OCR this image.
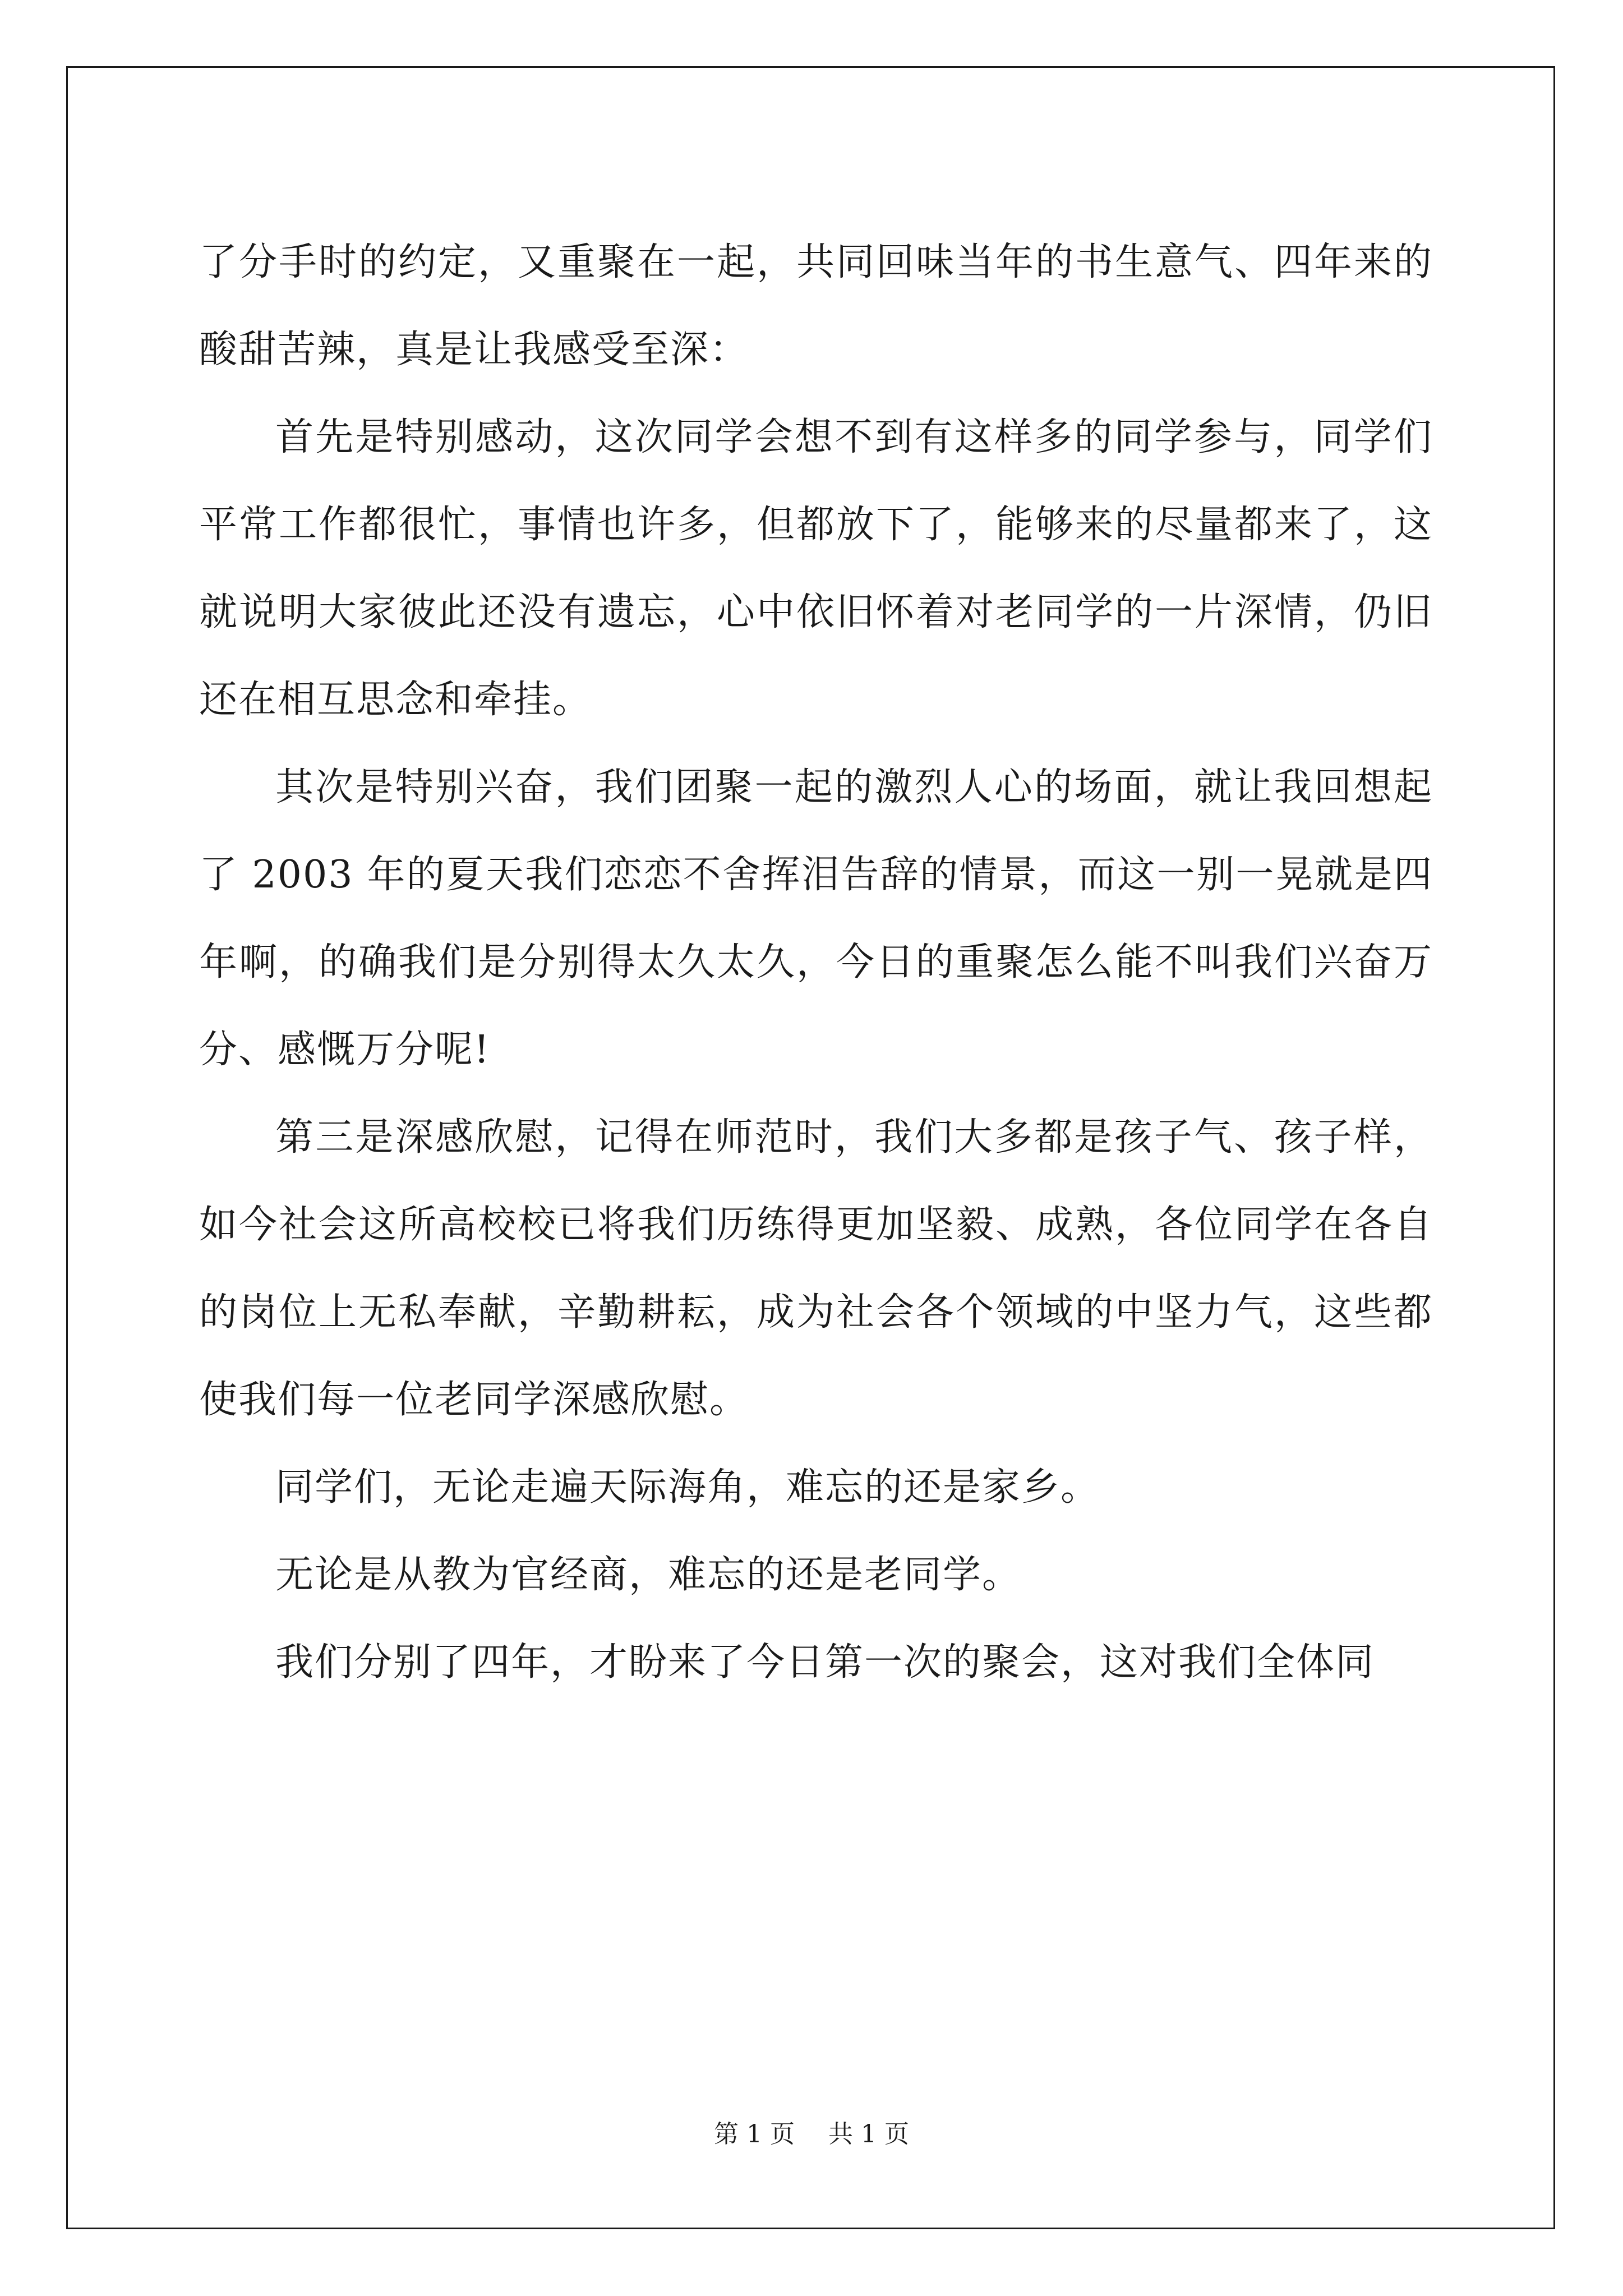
了分手时的约定，又重聚在一起，共同回味当年的书生意气、四年来的酸甜苦辣，真是让我感受至深：

首先是特别感动，这次同学会想不到有这样多的同学参与，同学们平常工作都很忙，事情也许多，但都放下了，能够来的尽量都来了，这就说明大家彼此还没有遗忘，心中依旧怀着对老同学的一片深情，仍旧还在相互思念和牵挂。

其次是特别兴奋，我们团聚一起的激烈人心的场面，就让我回想起了 2003 年的夏天我们恋恋不舍挥泪告辞的情景，而这一别一晃就是四年啊，的确我们是分别得太久太久，今日的重聚怎么能不叫我们兴奋万分、感慨万分呢!

第三是深感欣慰，记得在师范时，我们大多都是孩子气、孩子样，如今社会这所高校校已将我们历练得更加坚毅、成熟，各位同学在各自的岗位上无私奉献，辛勤耕耘，成为社会各个领域的中坚力气，这些都使我们每一位老同学深感欣慰。

同学们，无论走遍天际海角，难忘的还是家乡。

无论是从教为官经商，难忘的还是老同学。

我们分别了四年，才盼来了今日第一次的聚会，这对我们全体同

第 1 页 共 1 页
